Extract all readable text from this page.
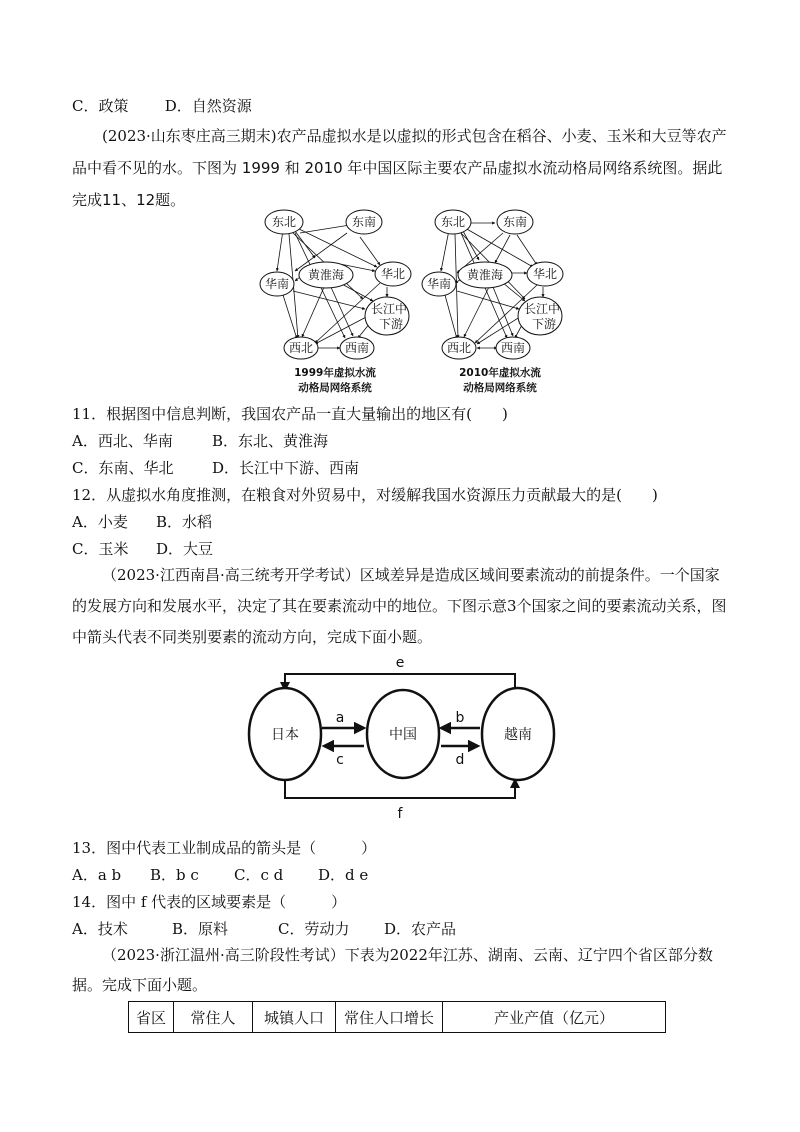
C．政策 D．自然资源
(2023·山东枣庄高三期末)农产品虚拟水是以虚拟的形式包含在稻谷、小麦、玉米和大豆等农产品中看不见的水。下图为 1999 和 2010 年中国区际主要农产品虚拟水流动格局网络系统图。据此完成11、12题。
东北	东南
黄淮海	华北
华南
长江中
下游
西北	西南
1999年虚拟水流
动格局网络系统
东北	东南
黄淮海 华北
华南
长江中
下游
西北 西南
2010年虚拟水流
动格局网络系统
11．根据图中信息判断，我国农产品一直大量输出的地区有(　　)
A．西北、华南	B．东北、黄淮海
C．东南、华北	D．长江中下游、西南
12．从虚拟水角度推测，在粮食对外贸易中，对缓解我国水资源压力贡献最大的是(　　)
A．小麦 B．水稻
C．玉米 D．大豆
（2023·江西南昌·高三统考开学考试）区域差异是造成区域间要素流动的前提条件。一个国家的发展方向和发展水平，决定了其在要素流动中的地位。下图示意3个国家之间的要素流动关系，图中箭头代表不同类别要素的流动方向，完成下面小题。
日本	中国	越南
a	b
c	d
e
f
13．图中代表工业制成品的箭头是（　　　）
A．a b B．b c C．c d D．d e
14．图中 f 代表的区域要素是（　　　）
A．技术	B．原料	C．劳动力 D．农产品
（2023·浙江温州·高三阶段性考试）下表为2022年江苏、湖南、云南、辽宁四个省区部分数据。完成下面小题。
省区	常住人	城镇人口	常住人口增长	产业产值（亿元）
